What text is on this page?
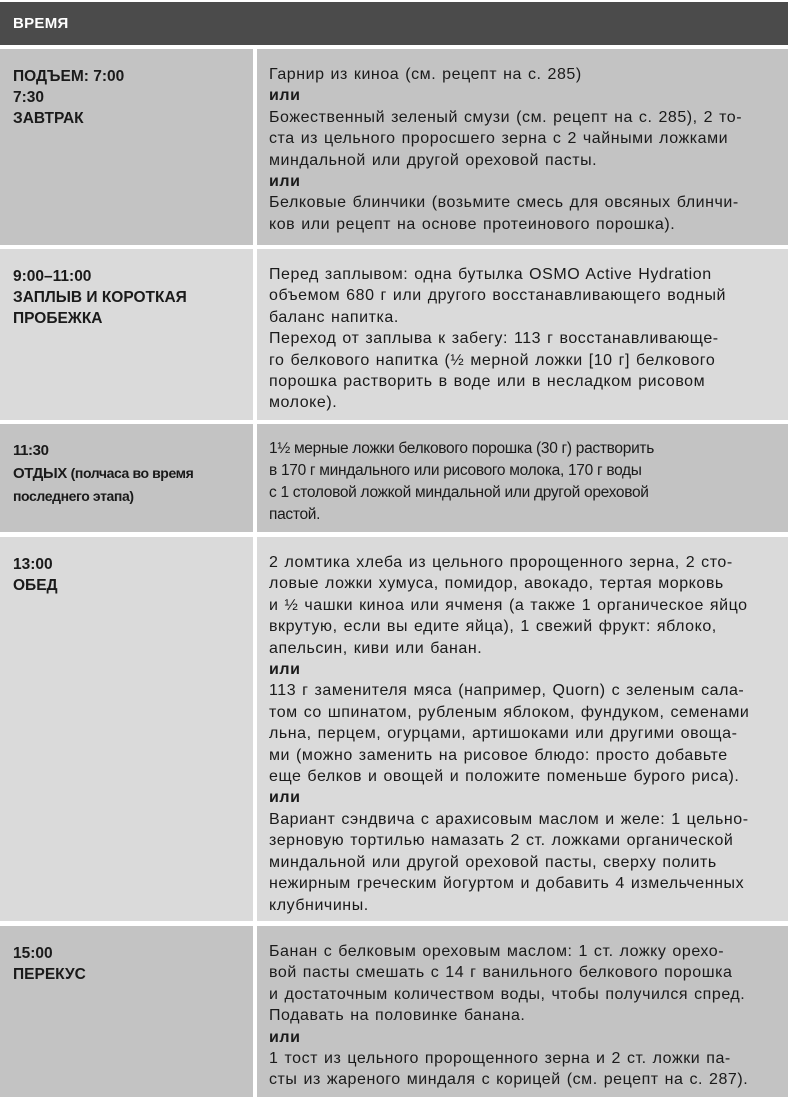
ВРЕМЯ
ПОДЪЕМ: 7:00
7:30
ЗАВТРАК
Гарнир из киноа (см. рецепт на с. 285)
или
Божественный зеленый смузи (см. рецепт на с. 285), 2 то-
ста из цельного проросшего зерна с 2 чайными ложками
миндальной или другой ореховой пасты.
или
Белковые блинчики (возьмите смесь для овсяных блинчи-
ков или рецепт на основе протеинового порошка).
9:00–11:00
ЗАПЛЫВ И КОРОТКАЯ
ПРОБЕЖКА
Перед заплывом: одна бутылка OSMO Active Hydration
объемом 680 г или другого восстанавливающего водный
баланс напитка.
Переход от заплыва к забегу: 113 г восстанавливающе-
го белкового напитка (½ мерной ложки [10 г] белкового
порошка растворить в воде или в несладком рисовом
молоке).
11:30
ОТДЫХ (полчаса во время
последнего этапа)
1½ мерные ложки белкового порошка (30 г) растворить
в 170 г миндального или рисового молока, 170 г воды
с 1 столовой ложкой миндальной или другой ореховой
пастой.
13:00
ОБЕД
2 ломтика хлеба из цельного пророщенного зерна, 2 сто-
ловые ложки хумуса, помидор, авокадо, тертая морковь
и ½ чашки киноа или ячменя (а также 1 органическое яйцо
вкрутую, если вы едите яйца), 1 свежий фрукт: яблоко,
апельсин, киви или банан.
или
113 г заменителя мяса (например, Quorn) с зеленым сала-
том со шпинатом, рубленым яблоком, фундуком, семенами
льна, перцем, огурцами, артишоками или другими овоща-
ми (можно заменить на рисовое блюдо: просто добавьте
еще белков и овощей и положите поменьше бурого риса).
или
Вариант сэндвича с арахисовым маслом и желе: 1 цельно-
зерновую тортилью намазать 2 ст. ложками органической
миндальной или другой ореховой пасты, сверху полить
нежирным греческим йогуртом и добавить 4 измельченных
клубничины.
15:00
ПЕРЕКУС
Банан с белковым ореховым маслом: 1 ст. ложку орехо-
вой пасты смешать с 14 г ванильного белкового порошка
и достаточным количеством воды, чтобы получился спред.
Подавать на половинке банана.
или
1 тост из цельного пророщенного зерна и 2 ст. ложки па-
сты из жареного миндаля с корицей (см. рецепт на с. 287).
